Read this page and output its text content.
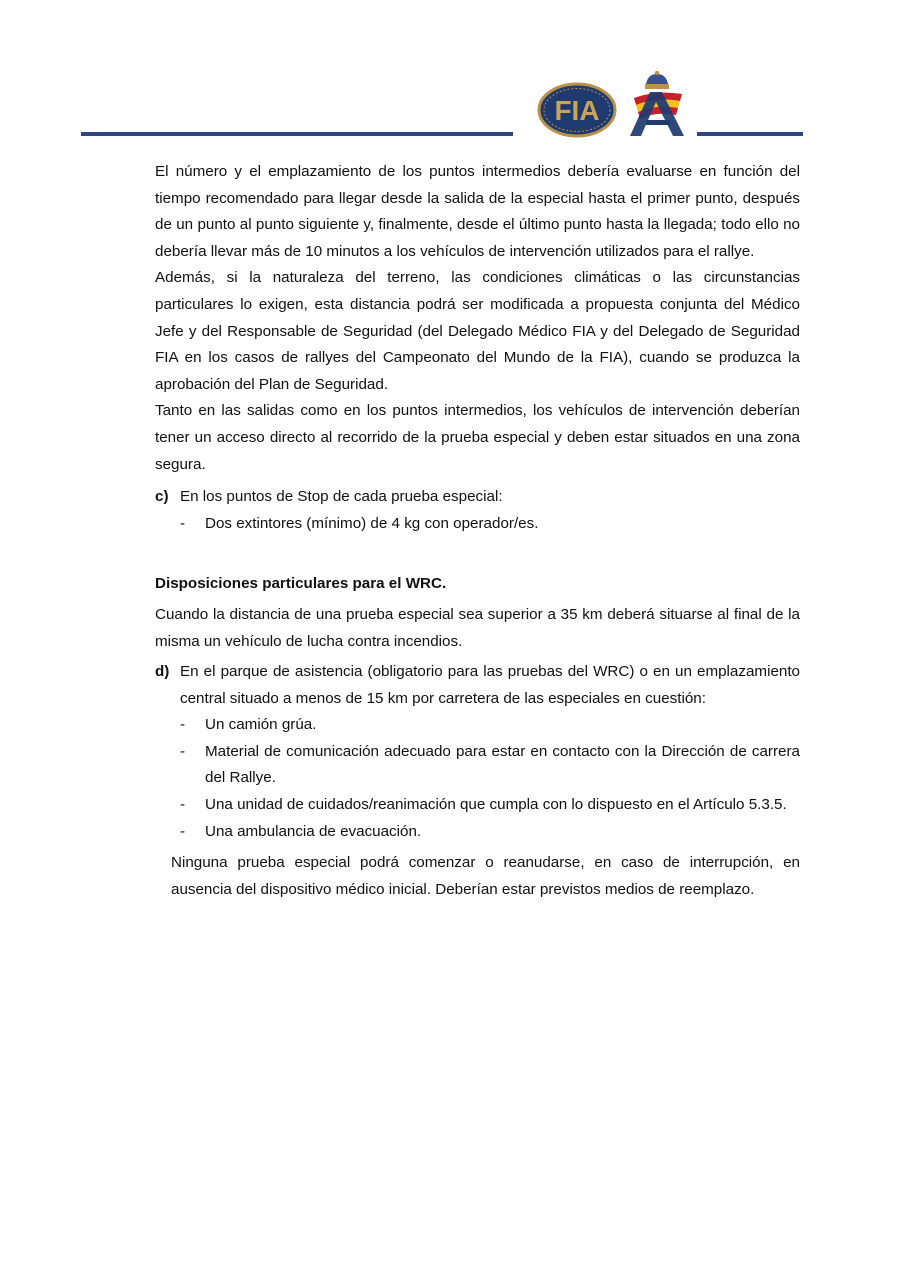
FIA

El número y el emplazamiento de los puntos intermedios debería evaluarse en función del tiempo recomendado para llegar desde la salida de la especial hasta el primer punto, después de un punto al punto siguiente y, finalmente, desde el último punto hasta la llegada; todo ello no debería llevar más de 10 minutos a los vehículos de intervención utilizados para el rallye.

Además, si la naturaleza del terreno, las condiciones climáticas o las circunstancias particulares lo exigen, esta distancia podrá ser modificada a propuesta conjunta del Médico Jefe y del Responsable de Seguridad (del Delegado Médico FIA y del Delegado de Seguridad FIA en los casos de rallyes del Campeonato del Mundo de la FIA), cuando se produzca la aprobación del Plan de Seguridad.

Tanto en las salidas como en los puntos intermedios, los vehículos de intervención deberían tener un acceso directo al recorrido de la prueba especial y deben estar situados en una zona segura.

c) En los puntos de Stop de cada prueba especial:

- Dos extintores (mínimo) de 4 kg con operador/es.

Disposiciones particulares para el WRC.

Cuando la distancia de una prueba especial sea superior a 35 km deberá situarse al final de la misma un vehículo de lucha contra incendios.

d) En el parque de asistencia (obligatorio para las pruebas del WRC) o en un emplazamiento central situado a menos de 15 km por carretera de las especiales en cuestión:

- Un camión grúa.
- Material de comunicación adecuado para estar en contacto con la Dirección de carrera del Rallye.
- Una unidad de cuidados/reanimación que cumpla con lo dispuesto en el Artículo 5.3.5.
- Una ambulancia de evacuación.

Ninguna prueba especial podrá comenzar o reanudarse, en caso de interrupción, en ausencia del dispositivo médico inicial. Deberían estar previstos medios de reemplazo.
